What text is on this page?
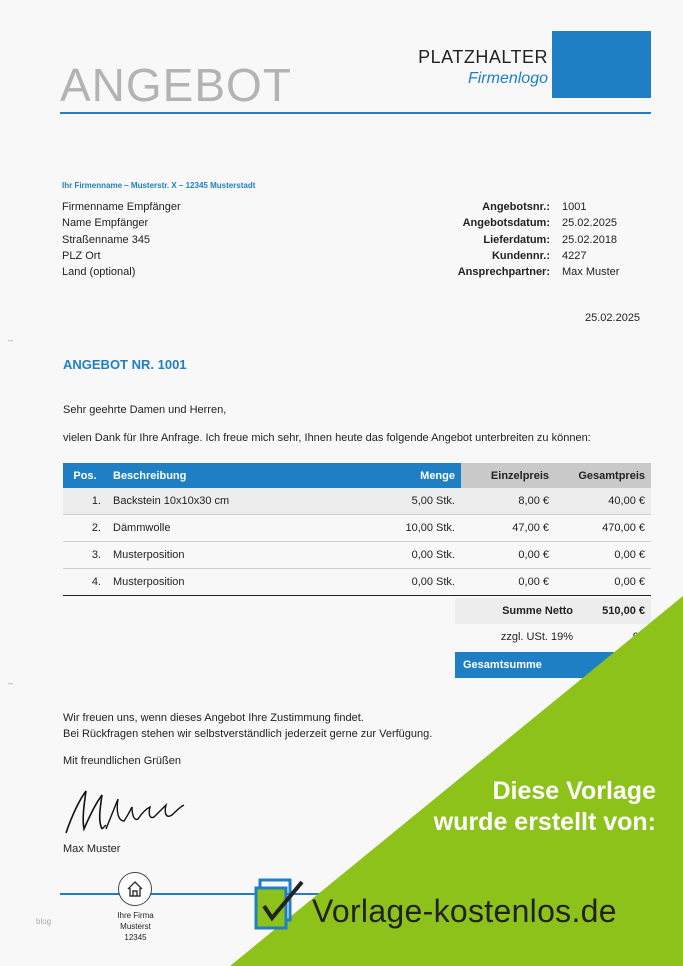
ANGEBOT
PLATZHALTER
Firmenlogo
Ihr Firmenname – Musterstr. X – 12345 Musterstadt
Firmenname Empfänger
Name Empfänger
Straßenname 345
PLZ Ort
Land (optional)
Angebotsnr.:	1001
Angebotsdatum:	25.02.2025
Lieferdatum:	25.02.2018
Kundennr.:	4227
Ansprechpartner:	Max Muster
25.02.2025
–
–
ANGEBOT NR. 1001
Sehr geehrte Damen und Herren,
vielen Dank für Ihre Anfrage. Ich freue mich sehr, Ihnen heute das folgende Angebot unterbreiten zu können:
Pos.	Beschreibung	Menge	Einzelpreis	Gesamtpreis
1.	Backstein 10x10x30 cm	5,00 Stk.	8,00 €	40,00 €
2.	Dämmwolle	10,00 Stk.	47,00 €	470,00 €
3.	Musterposition	0,00 Stk.	0,00 €	0,00 €
4.	Musterposition	0,00 Stk.	0,00 €	0,00 €
Summe Netto	510,00 €
zzgl. USt. 19%
Gesamtsumme
Wir freuen uns, wenn dieses Angebot Ihre Zustimmung findet.
Bei Rückfragen stehen wir selbstverständlich jederzeit gerne zur Verfügung.
Mit freundlichen Grüßen
Max Muster
Ihre Firma
Musterst
12345
blog
Diese Vorlage
wurde erstellt von:
Vorlage-kostenlos.de
